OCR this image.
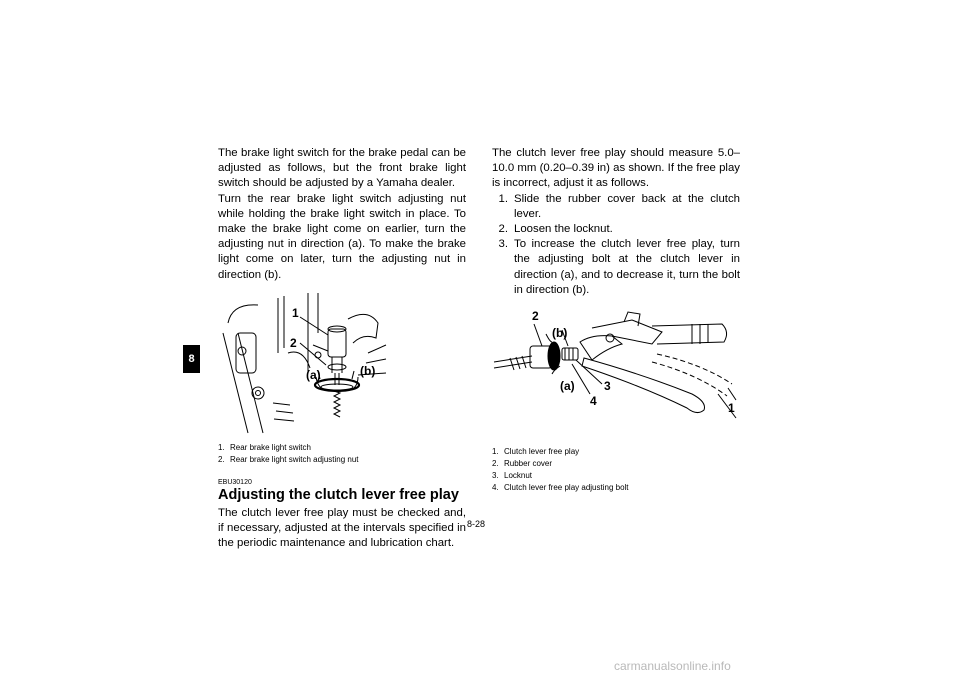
8

The brake light switch for the brake pedal can be adjusted as follows, but the front brake light switch should be adjusted by a Yamaha dealer.

Turn the rear brake light switch adjusting nut while holding the brake light switch in place. To make the brake light come on earlier, turn the adjusting nut in direction (a). To make the brake light come on later, turn the adjusting nut in direction (b).

1
2
(a)	(b)
1. Rear brake light switch
2. Rear brake light switch adjusting nut
EBU30120
Adjusting the clutch lever free play

The clutch lever free play must be checked and, if necessary, adjusted at the intervals specified in the periodic maintenance and lubrication chart.

The clutch lever free play should measure 5.0–10.0 mm (0.20–0.39 in) as shown. If the free play is incorrect, adjust it as follows.

1. Slide the rubber cover back at the clutch lever.
2. Loosen the locknut.
3. To increase the clutch lever free play, turn the adjusting bolt at the clutch lever in direction (a), and to decrease it, turn the bolt in direction (b).
2
(b)
(a) 3
4	1
1. Clutch lever free play
2. Rubber cover
3. Locknut
4. Clutch lever free play adjusting bolt
8-28
carmanualsonline.info
